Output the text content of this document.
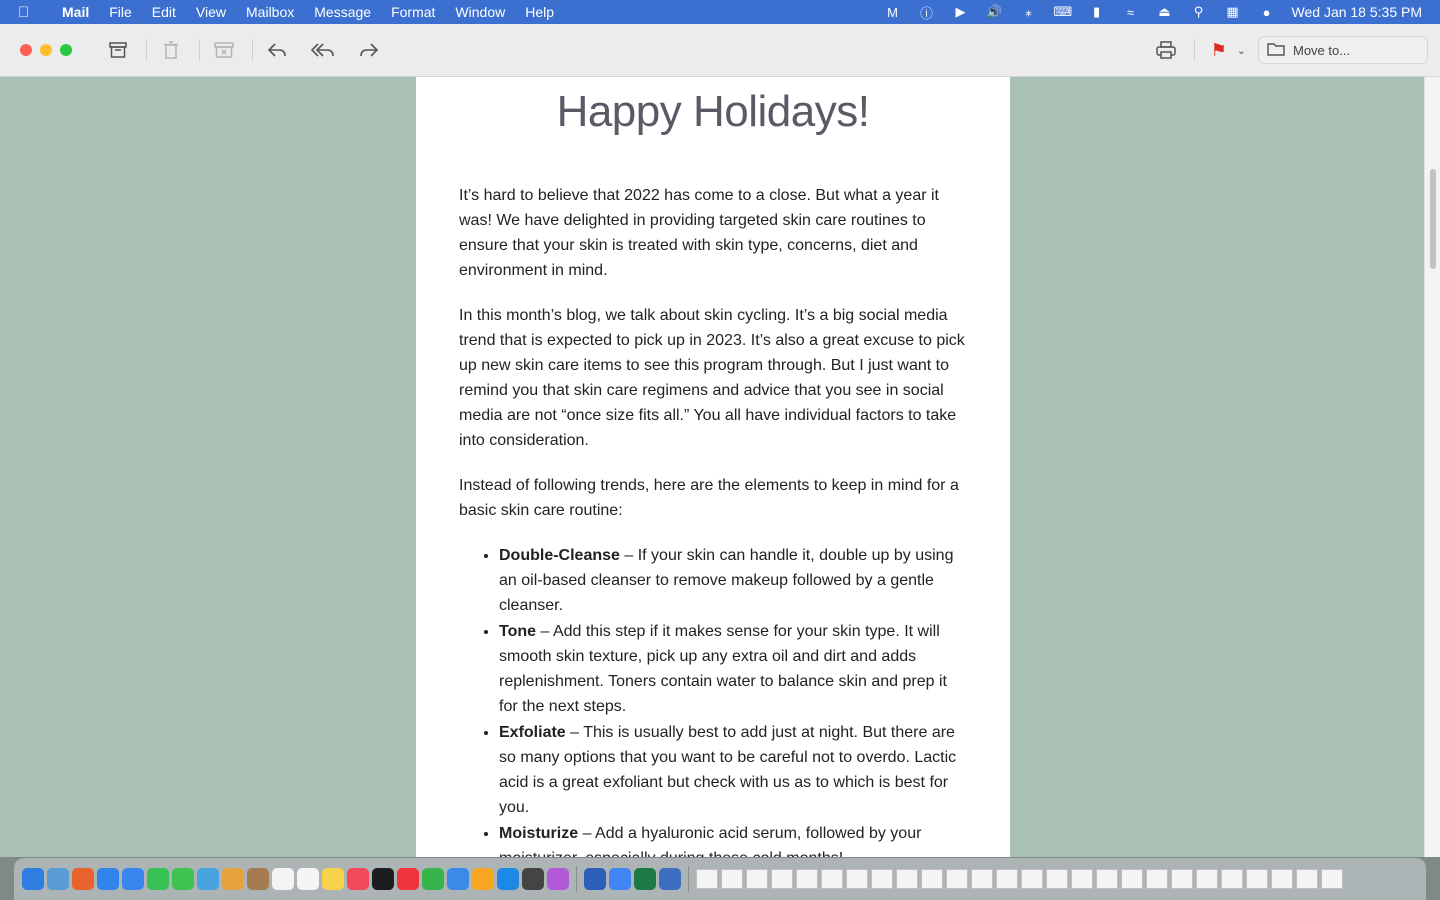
Mail	File	Edit	View	Mailbox	Message	Format	Window	Help	M ⓘ	▶	🔊	⁎	⌨	▮	≈	⏏	⚲	▦	●	Wed Jan 18 5:35 PM
⚑ ⌄	Move to...
Happy Holidays!

It’s hard to believe that 2022 has come to a close. But what a year it was! We have delighted in providing targeted skin care routines to ensure that your skin is treated with skin type, concerns, diet and environment in mind.

In this month’s blog, we talk about skin cycling. It’s a big social media trend that is expected to pick up in 2023. It’s also a great excuse to pick up new skin care items to see this program through. But I just want to remind you that skin care regimens and advice that you see in social media are not “once size fits all.” You all have individual factors to take into consideration.

Instead of following trends, here are the elements to keep in mind for a basic skin care routine:

• Double-Cleanse – If your skin can handle it, double up by using an oil-based cleanser to remove makeup followed by a gentle cleanser.
• Tone – Add this step if it makes sense for your skin type. It will smooth skin texture, pick up any extra oil and dirt and adds replenishment. Toners contain water to balance skin and prep it for the next steps.
• Exfoliate – This is usually best to add just at night. But there are so many options that you want to be careful not to overdo. Lactic acid is a great exfoliant but check with us as to which is best for you.
• Moisturize – Add a hyaluronic acid serum, followed by your
